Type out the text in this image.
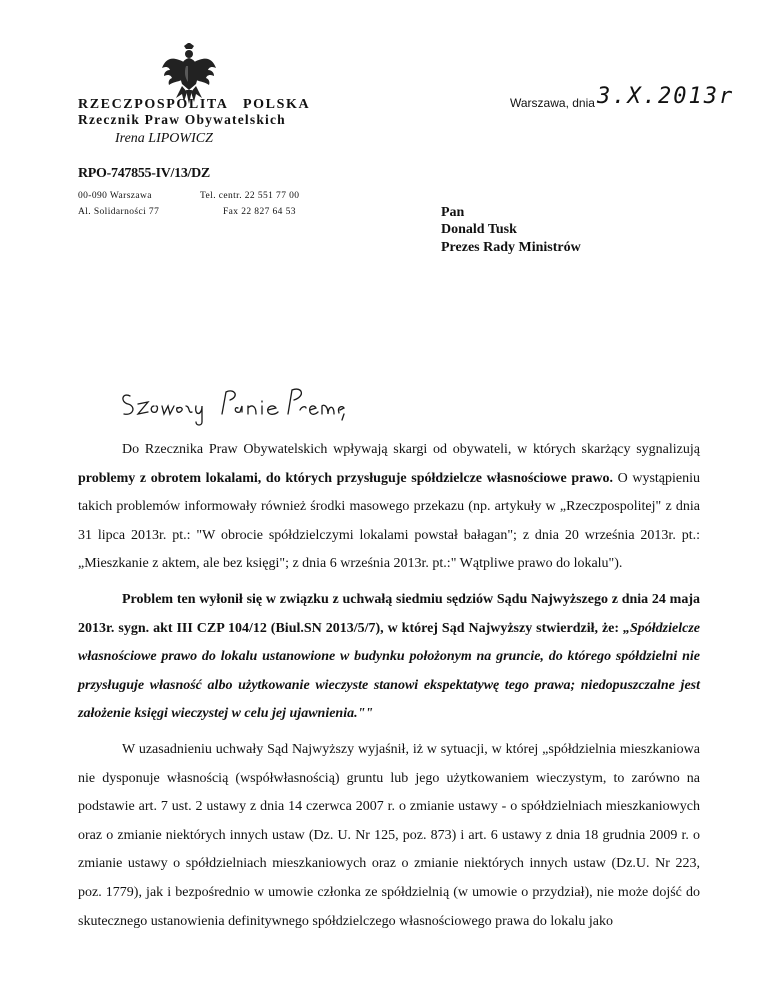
RZECZPOSPOLITA   POLSKA
Rzecznik Praw Obywatelskich
Irena LIPOWICZ
RPO-747855-IV/13/DZ
00-090 Warszawa
Al. Solidarności 77
Tel. centr. 22 551 77 00
Fax 22 827 64 53
Warszawa, dnia 3.X.2013r
Pan
Donald Tusk
Prezes Rady Ministrów

Do Rzecznika Praw Obywatelskich wpływają skargi od obywateli, w których skarżący sygnalizują problemy z obrotem lokalami, do których przysługuje spółdzielcze własnościowe prawo. O wystąpieniu takich problemów informowały również środki masowego przekazu (np. artykuły w „Rzeczpospolitej" z dnia 31 lipca 2013r. pt.: "W obrocie spółdzielczymi lokalami powstał bałagan"; z dnia 20 września 2013r. pt.: „Mieszkanie z aktem, ale bez księgi"; z dnia 6 września 2013r. pt.:" Wątpliwe prawo do lokalu").

Problem ten wyłonił się w związku z uchwałą siedmiu sędziów Sądu Najwyższego z dnia 24 maja 2013r. sygn. akt III CZP 104/12 (Biul.SN 2013/5/7), w której Sąd Najwyższy stwierdził, że: „Spółdzielcze własnościowe prawo do lokalu ustanowione w budynku położonym na gruncie, do którego spółdzielni nie przysługuje własność albo użytkowanie wieczyste stanowi ekspektatywę tego prawa; niedopuszczalne jest założenie księgi wieczystej w celu jej ujawnienia.""

W uzasadnieniu uchwały Sąd Najwyższy wyjaśnił, iż w sytuacji, w której „spółdzielnia mieszkaniowa nie dysponuje własnością (współwłasnością) gruntu lub jego użytkowaniem wieczystym, to zarówno na podstawie art. 7 ust. 2 ustawy z dnia 14 czerwca 2007 r. o zmianie ustawy - o spółdzielniach mieszkaniowych oraz o zmianie niektórych innych ustaw (Dz. U. Nr 125, poz. 873) i art. 6 ustawy z dnia 18 grudnia 2009 r. o zmianie ustawy o spółdzielniach mieszkaniowych oraz o zmianie niektórych innych ustaw (Dz.U. Nr 223, poz. 1779), jak i bezpośrednio w umowie członka ze spółdzielnią (w umowie o przydział), nie może dojść do skutecznego ustanowienia definitywnego spółdzielczego własnościowego prawa do lokalu jako
